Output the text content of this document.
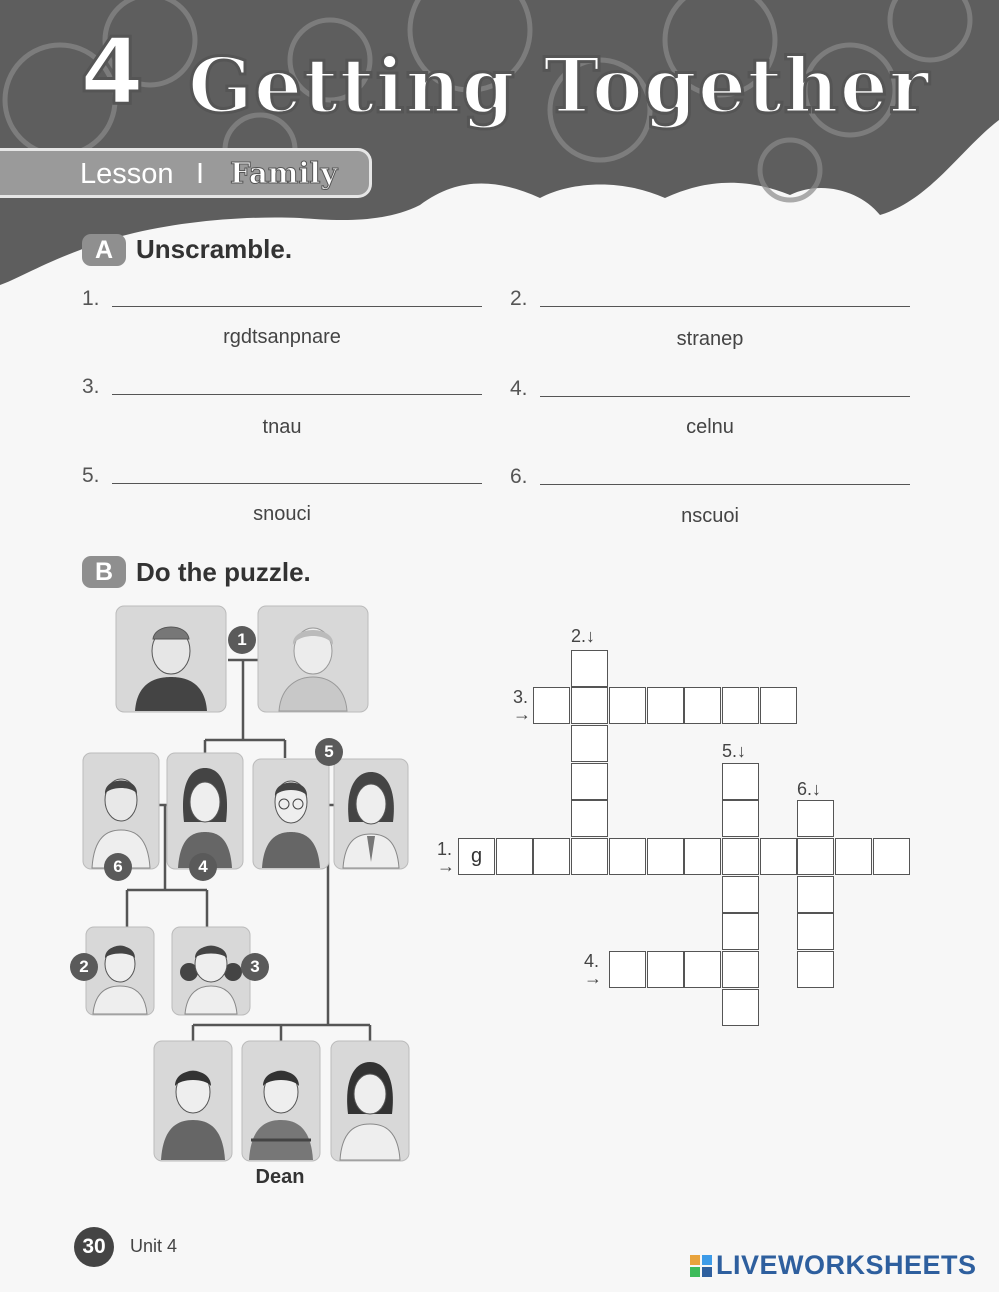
4 Getting Together
Lesson I Family
A Unscramble.
1.
rgdtsanpnare
2.
stranep
3.
tnau
4.
celnu
5.
snouci
6.
nscuoi
B Do the puzzle.
1
5
6	4
2	3
Dean
g
2.↓
3.
→
5.↓
6.↓
1.
→
4.
→
30	Unit 4
LIVEWORKSHEETS
